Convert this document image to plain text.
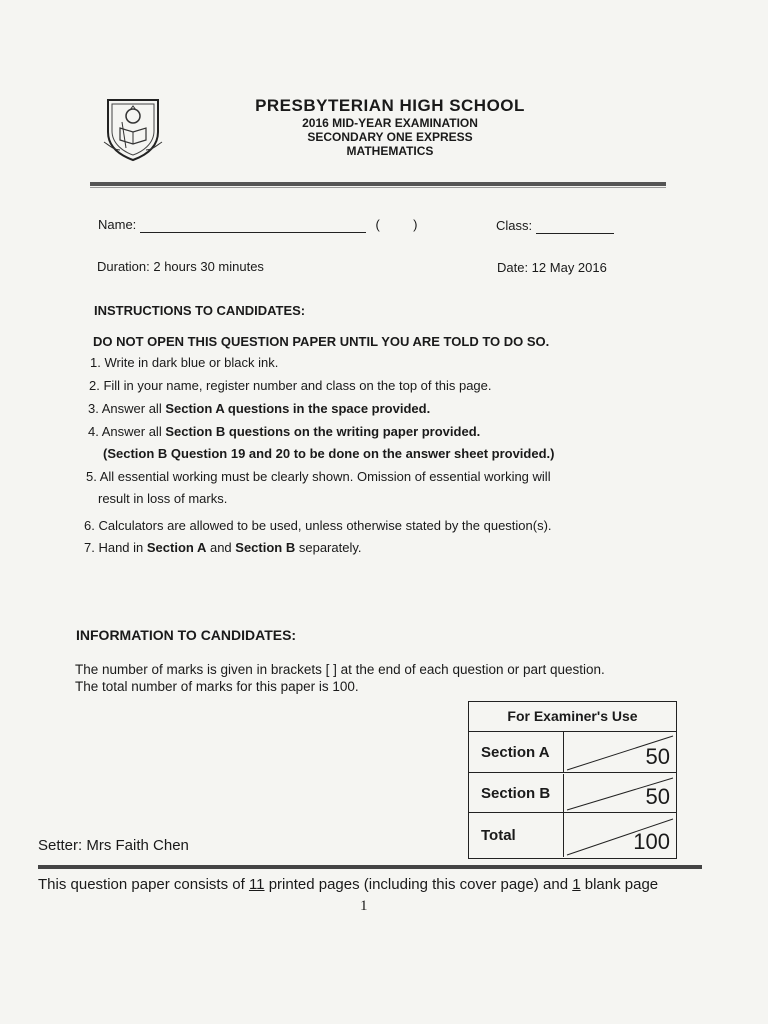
PRESBYTERIAN HIGH SCHOOL
2016 MID-YEAR EXAMINATION
SECONDARY ONE EXPRESS
MATHEMATICS
Name:	(	)	Class:
Duration: 2 hours 30 minutes	Date: 12 May 2016
INSTRUCTIONS TO CANDIDATES:
DO NOT OPEN THIS QUESTION PAPER UNTIL YOU ARE TOLD TO DO SO.
1. Write in dark blue or black ink.
2. Fill in your name, register number and class on the top of this page.
3. Answer all Section A questions in the space provided.
4. Answer all Section B questions on the writing paper provided.
(Section B Question 19 and 20 to be done on the answer sheet provided.)
5. All essential working must be clearly shown. Omission of essential working will
result in loss of marks.
6. Calculators are allowed to be used, unless otherwise stated by the question(s).
7. Hand in Section A and Section B separately.
INFORMATION TO CANDIDATES:
The number of marks is given in brackets [ ] at the end of each question or part question.
The total number of marks for this paper is 100.
For Examiner's Use
Section A	50
Section B	50
Total	100
Setter: Mrs Faith Chen
This question paper consists of 11 printed pages (including this cover page) and 1 blank page
1
